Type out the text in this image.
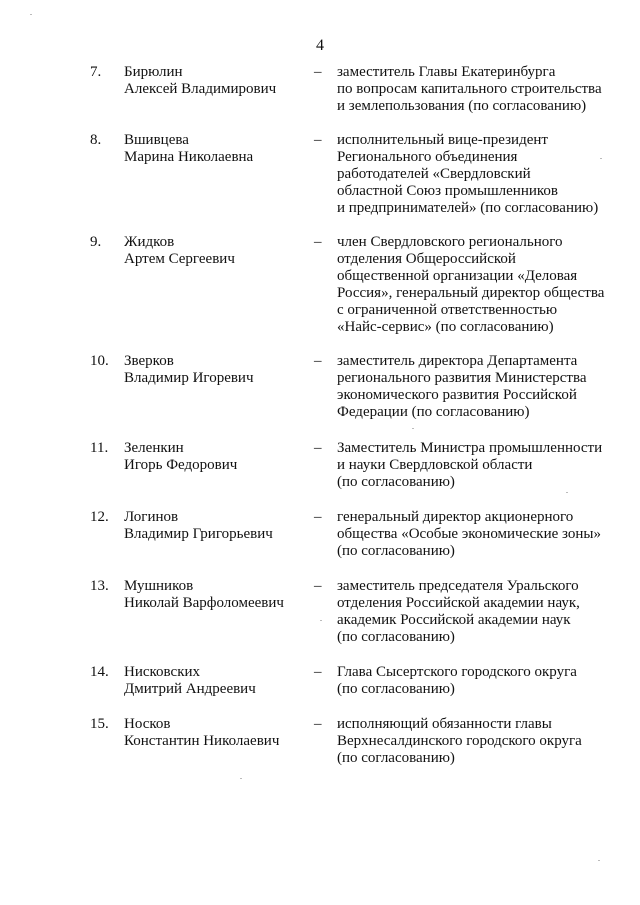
4
7. Бирюлин
Алексей Владимирович
– заместитель Главы Екатеринбурга
по вопросам капитального строительства
и землепользования (по согласованию)
8. Вшивцева
Марина Николаевна
– исполнительный вице-президент
Регионального объединения
работодателей «Свердловский
областной Союз промышленников
и предпринимателей» (по согласованию)
9. Жидков
Артем Сергеевич
– член Свердловского регионального
отделения Общероссийской
общественной организации «Деловая
Россия», генеральный директор общества
с ограниченной ответственностью
«Найс-сервис» (по согласованию)
10. Зверков
Владимир Игоревич
– заместитель директора Департамента
регионального развития Министерства
экономического развития Российской
Федерации (по согласованию)
11. Зеленкин
Игорь Федорович
– Заместитель Министра промышленности
и науки Свердловской области
(по согласованию)
12. Логинов
Владимир Григорьевич
– генеральный директор акционерного
общества «Особые экономические зоны»
(по согласованию)
13. Мушников
Николай Варфоломеевич
– заместитель председателя Уральского
отделения Российской академии наук,
академик Российской академии наук
(по согласованию)
14. Нисковских
Дмитрий Андреевич
– Глава Сысертского городского округа
(по согласованию)
15. Носков
Константин Николаевич
– исполняющий обязанности главы
Верхнесалдинского городского округа
(по согласованию)
